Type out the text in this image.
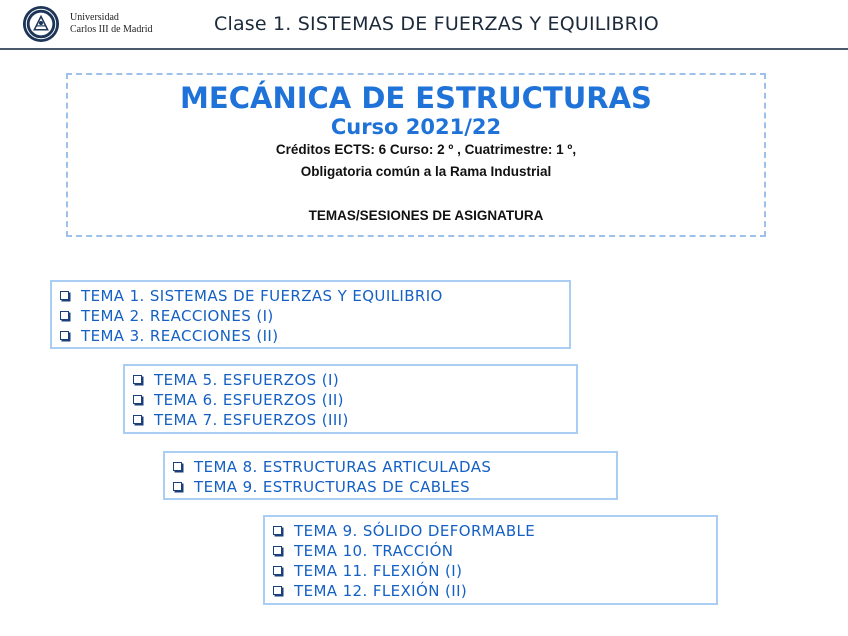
Universidad
Carlos III de Madrid	Clase 1. SISTEMAS DE FUERZAS Y EQUILIBRIO
MECÁNICA DE ESTRUCTURAS
Curso 2021/22
Créditos ECTS: 6 Curso: 2 º , Cuatrimestre: 1 º,
Obligatoria común a la Rama Industrial
TEMAS/SESIONES DE ASIGNATURA
TEMA 1. SISTEMAS DE FUERZAS Y EQUILIBRIO
TEMA 2. REACCIONES (I)
TEMA 3. REACCIONES (II)
TEMA 5. ESFUERZOS (I)
TEMA 6. ESFUERZOS (II)
TEMA 7. ESFUERZOS (III)
TEMA 8. ESTRUCTURAS ARTICULADAS
TEMA 9. ESTRUCTURAS DE CABLES
TEMA 9. SÓLIDO DEFORMABLE
TEMA 10. TRACCIÓN
TEMA 11. FLEXIÓN (I)
TEMA 12. FLEXIÓN (II)
